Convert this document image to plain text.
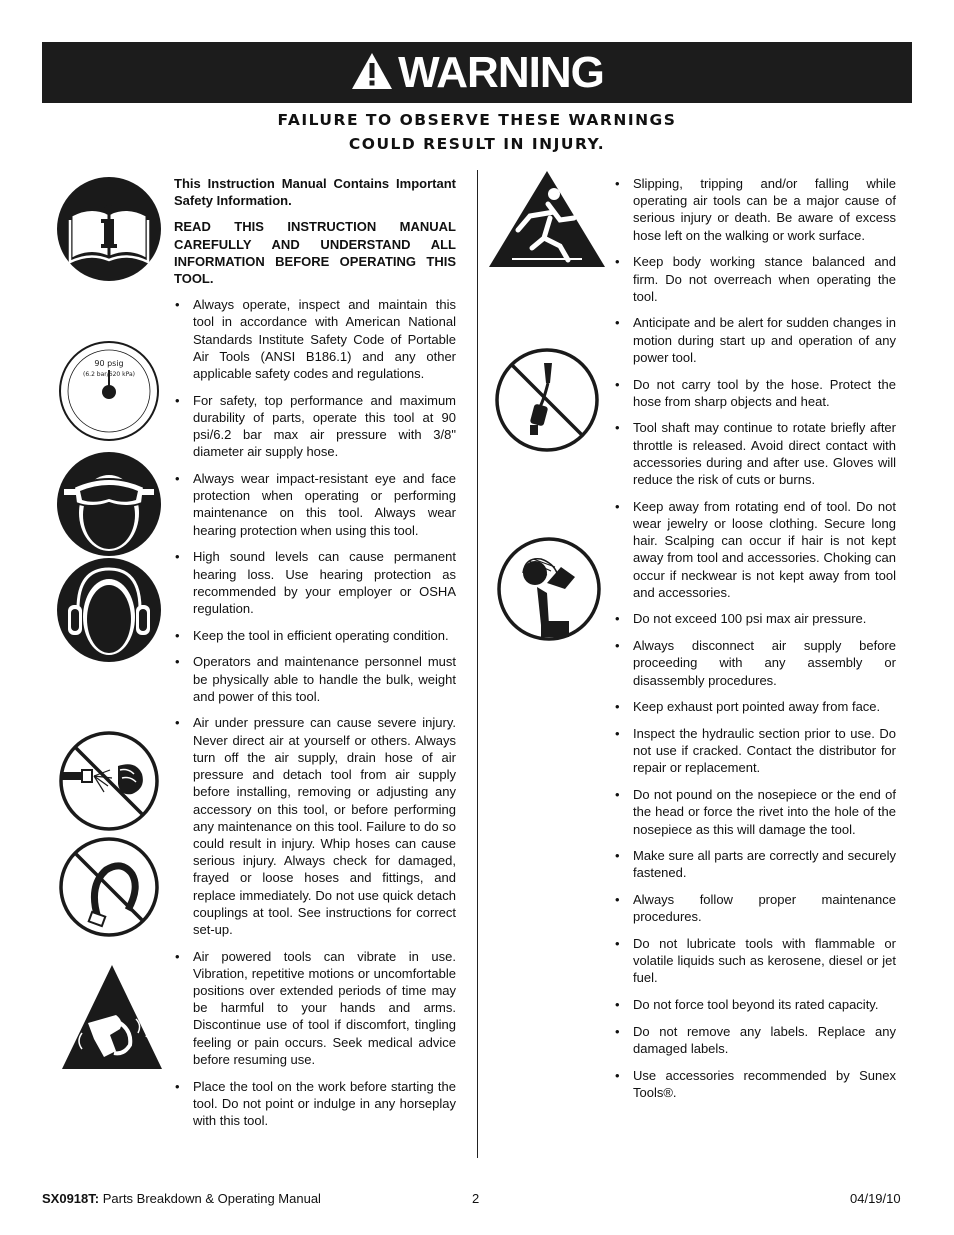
WARNING
FAILURE TO OBSERVE THESE WARNINGS
COULD RESULT IN INJURY.
90 psig
(6.2 bar/620 kPa)

This Instruction Manual Contains Important Safety Information.

READ THIS INSTRUCTION MANUAL CAREFULLY AND UNDERSTAND ALL INFORMATION BEFORE OPERATING THIS TOOL.

• Always operate, inspect and maintain this tool in accordance with American National Standards Institute Safety Code of Portable Air Tools (ANSI B186.1) and any other applicable safety codes and regulations.
• For safety, top performance and maximum durability of parts, operate this tool at 90 psi/6.2 bar max air pressure with 3/8" diameter air supply hose.
• Always wear impact-resistant eye and face protection when operating or performing maintenance on this tool. Always wear hearing protection when using this tool.
• High sound levels can cause permanent hearing loss. Use hearing protection as recommended by your employer or OSHA regulation.
• Keep the tool in efficient operating condition.
• Operators and maintenance personnel must be physically able to handle the bulk, weight and power of this tool.
• Air under pressure can cause severe injury. Never direct air at yourself or others. Always turn off the air supply, drain hose of air pressure and detach tool from air supply before installing, removing or adjusting any accessory on this tool, or before performing any maintenance on this tool. Failure to do so could result in injury. Whip hoses can cause serious injury. Always check for damaged, frayed or loose hoses and fittings, and replace immediately. Do not use quick detach couplings at tool. See instructions for correct set-up.
• Air powered tools can vibrate in use. Vibration, repetitive motions or uncomfortable positions over extended periods of time may be harmful to your hands and arms. Discontinue use of tool if discomfort, tingling feeling or pain occurs. Seek medical advice before resuming use.
• Place the tool on the work before starting the tool. Do not point or indulge in any horseplay with this tool.
• Slipping, tripping and/or falling while operating air tools can be a major cause of serious injury or death. Be aware of excess hose left on the walking or work surface.
• Keep body working stance balanced and firm. Do not overreach when operating the tool.
• Anticipate and be alert for sudden changes in motion during start up and operation of any power tool.
• Do not carry tool by the hose. Protect the hose from sharp objects and heat.
• Tool shaft may continue to rotate briefly after throttle is released. Avoid direct contact with accessories during and after use. Gloves will reduce the risk of cuts or burns.
• Keep away from rotating end of tool. Do not wear jewelry or loose clothing. Secure long hair. Scalping can occur if hair is not kept away from tool and accessories. Choking can occur if neckwear is not kept away from tool and accessories.
• Do not exceed 100 psi max air pressure.
• Always disconnect air supply before proceeding with any assembly or disassembly procedures.
• Keep exhaust port pointed away from face.
• Inspect the hydraulic section prior to use. Do not use if cracked. Contact the distributor for repair or replacement.
• Do not pound on the nosepiece or the end of the head or force the rivet into the hole of the nosepiece as this will damage the tool.
• Make sure all parts are correctly and securely fastened.
• Always follow proper maintenance procedures.
• Do not lubricate tools with flammable or volatile liquids such as kerosene, diesel or jet fuel.
• Do not force tool beyond its rated capacity.
• Do not remove any labels. Replace any damaged labels.
• Use accessories recommended by Sunex Tools®.
SX0918T: Parts Breakdown & Operating Manual	2	04/19/10
